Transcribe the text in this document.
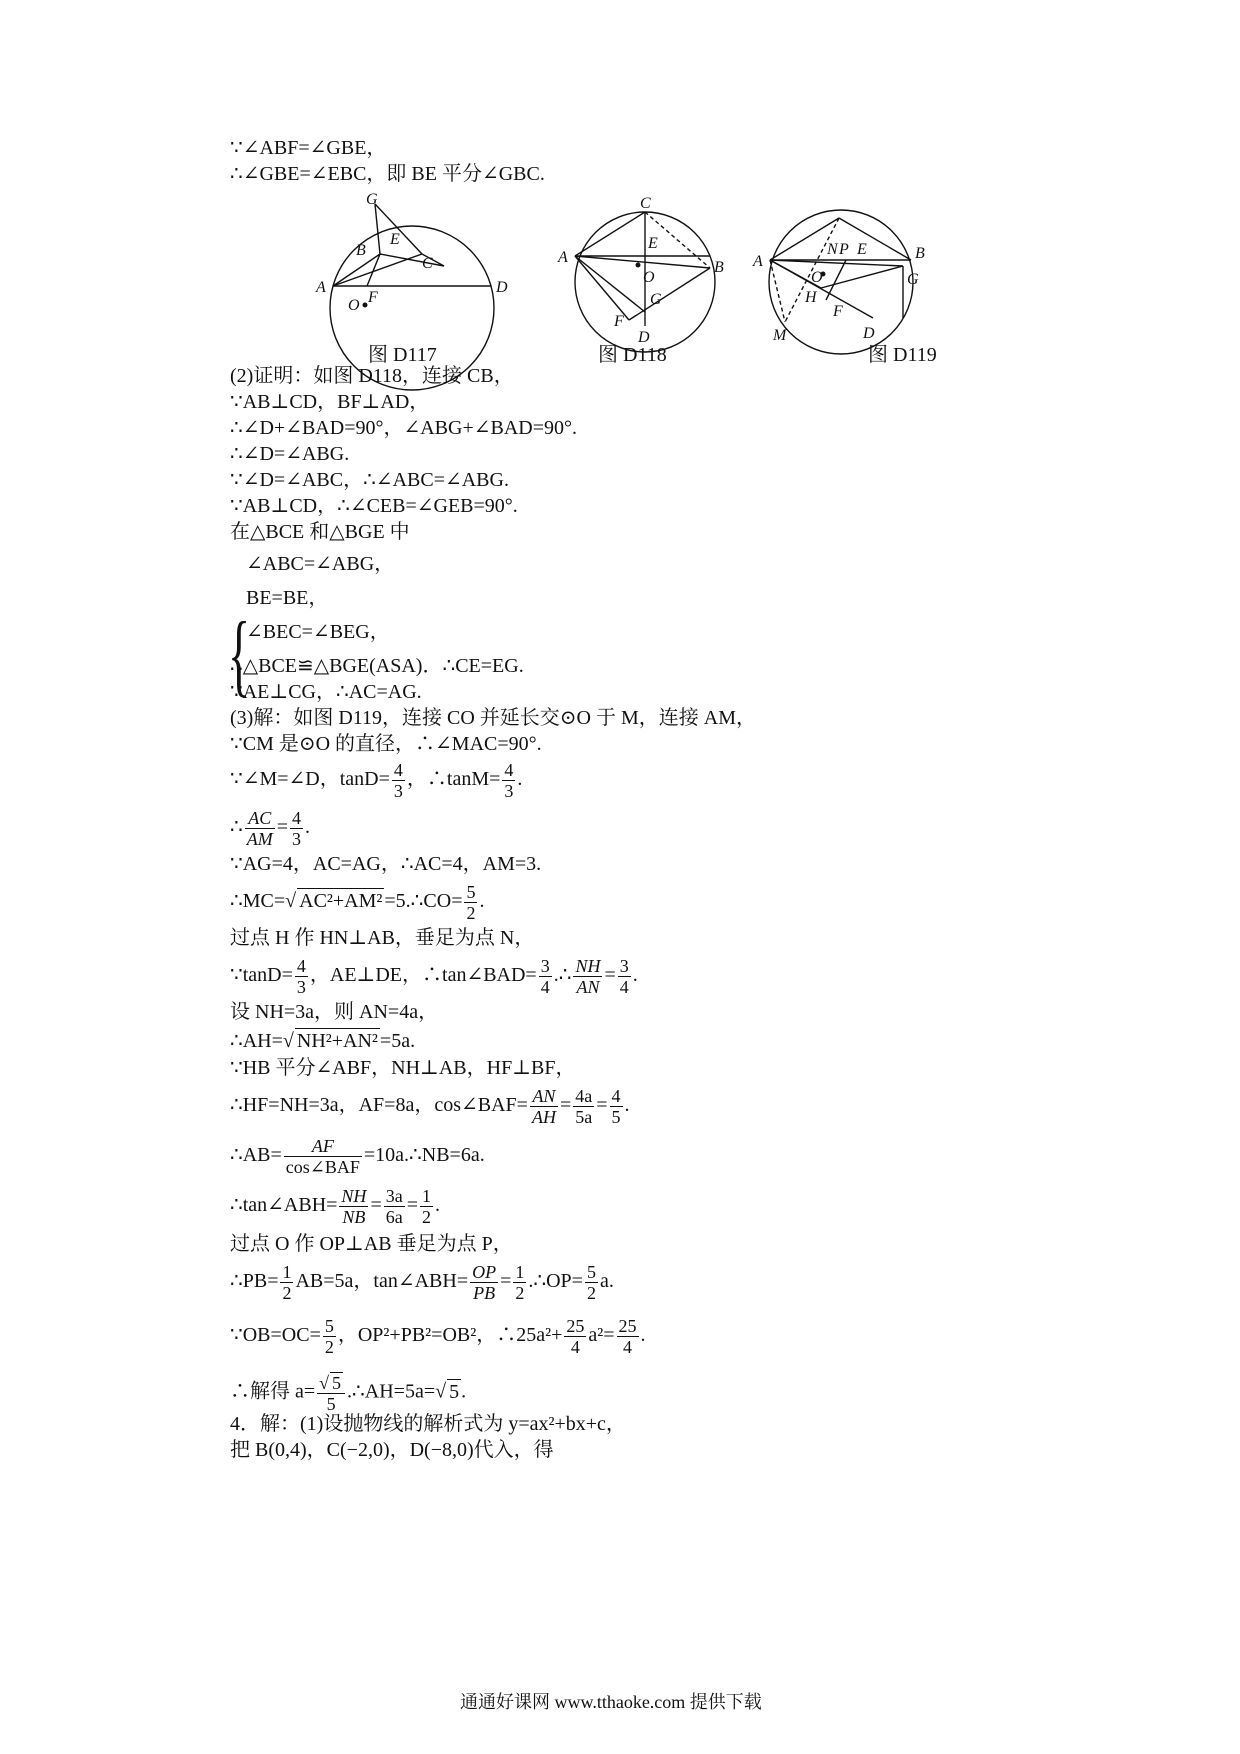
∵∠ABF=∠GBE，
∴∠GBE=∠EBC，即 BE 平分∠GBC.
G
B
E
C
A	D
F
O
C
A
E
O
B
G
F
D
A
N P E	B
O	G
H
F
M	D
图 D117	图 D118	图 D119
(2)证明：如图 D118，连接 CB，
∵AB⊥CD，BF⊥AD，
∴∠D+∠BAD=90°，∠ABG+∠BAD=90°.
∴∠D=∠ABG.
∵∠D=∠ABC，∴∠ABC=∠ABG.
∵AB⊥CD，∴∠CEB=∠GEB=90°.
在△BCE 和△BGE 中
{
∠ABC=∠ABG，
BE=BE，
∠BEC=∠BEG，
∴△BCE≌△BGE(ASA)．∴CE=EG.
∵AE⊥CG，∴AC=AG.
(3)解：如图 D119，连接 CO 并延长交⊙O 于 M，连接 AM，
∵CM 是⊙O 的直径，∴∠MAC=90°.
∵∠M=∠D，$\tan D= \frac{4}{3}$ ，∴tanM= $\frac{4}{3}$ .
∴ $\frac{AC}{AM} = \frac{4}{3}$ .
∵AG=4，AC=AG，∴AC=4，AM=3.
∴MC=√ AC²+AM² =5.∴CO= $\frac{5}{2}$ .
过点 H 作 HN⊥AB，垂足为点 N，
∵tanD= $\frac{4}{3}$ ，AE⊥DE，∴tan∠BAD= $\frac{3}{4}$ .∴ $\frac{NH}{AN} = \frac{3}{4}$ .
设 NH=3a，则 AN=4a，
∴AH=√ NH²+AN² =5a.
∵HB 平分∠ABF，NH⊥AB，HF⊥BF，
∴HF=NH=3a，AF=8a，cos∠BAF= $\frac{AN}{AH} = \frac{4a}{5a} = \frac{4}{5}$ .
∴AB=	AF
cos∠BAF
=10a.∴NB=6a.
∴tan∠ABH= $\frac{NH}{NB} = \frac{3a}{6a} = \frac{1}{2}$ .
过点 O 作 OP⊥AB 垂足为点 P，
∴PB= $\frac{1}{2} AB=5a$，tan∠ABH= $\frac{OP}{PB} = \frac{1}{2}$ .∴OP= $\frac{5}{2} a$.
∵OB=OC= $\frac{5}{2}$ ，OP²+PB²=OB²，∴25a²+ $\frac{25}{4} a^2= \frac{25}{4}$ .
∴解得 $a= \frac{√ 5}{5}$ .∴AH=5a=√ 5 .
4．解：(1)设抛物线的解析式为 y=ax²+bx+c，
把 B(0,4)，C(−2,0)，D(−8,0)代入，得
通通好课网 www.tthaoke.com 提供下载
